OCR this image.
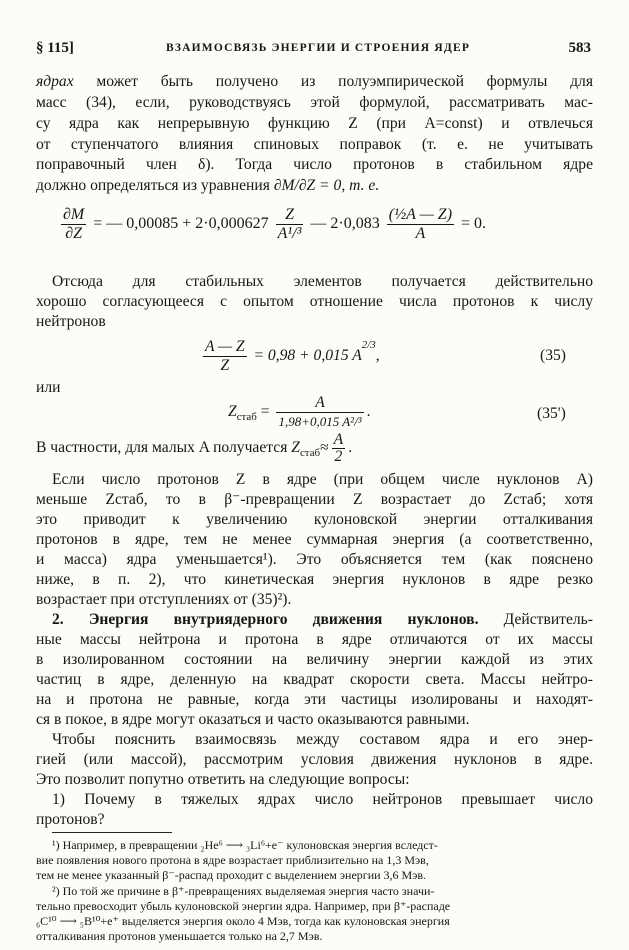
§ 115]	ВЗАИМОСВЯЗЬ ЭНЕРГИИ И СТРОЕНИЯ ЯДЕР	583
ядрах может быть получено из полуэмпирической формулы для
масс (34), если, руководствуясь этой формулой, рассматривать мас-
су ядра как непрерывную функцию Z (при A=const) и отвлечься
от ступенчатого влияния спиновых поправок (т. е. не учитывать
поправочный член δ). Тогда число протонов в стабильном ядре
должно определяться из уравнения ∂M/∂Z = 0, т. е.
$\frac{\partial M}{\partial Z}$ = — $0,00085 + 2\cdot 0,000627 \frac{Z}{\text{A¹/³}}$ — $2\cdot 0,083 \frac{\text{(½A — Z)}}{A} = 0$.
Отсюда для стабильных элементов получается действительно
хорошо согласующееся с опытом отношение числа протонов к числу
нейтронов
$\frac{A — Z}{Z} = 0,98 + 0,015$ $A^{2/3}$,	(35)
или
$Z_{стаб} = \frac{A}{\text{1,98+0,015 A²/³}}$ .	(35')
В частности, для малых A получается $Z_{стаб}\approx \frac{A}{2}$ .
Если число протонов Z в ядре (при общем числе нуклонов A)
меньше Zстаб, то в β⁻-превращении Z возрастает до Zстаб; хотя
это приводит к увеличению кулоновской энергии отталкивания
протонов в ядре, тем не менее суммарная энергия (а соответственно,
и масса) ядра уменьшается¹). Это объясняется тем (как пояснено
ниже, в п. 2), что кинетическая энергия нуклонов в ядре резко
возрастает при отступлениях от (35)²).
2. Энергия внутриядерного движения нуклонов. Действитель-
ные массы нейтрона и протона в ядре отличаются от их массы
в изолированном состоянии на величину энергии каждой из этих
частиц в ядре, деленную на квадрат скорости света. Массы нейтро-
на и протона не равные, когда эти частицы изолированы и находят-
ся в покое, в ядре могут оказаться и часто оказываются равными.
Чтобы пояснить взаимосвязь между составом ядра и его энер-
гией (или массой), рассмотрим условия движения нуклонов в ядре.
Это позволит попутно ответить на следующие вопросы:
1) Почему в тяжелых ядрах число нейтронов превышает число
протонов?
¹) Например, в превращении ₂He⁶ ⟶ ₃Li⁶+e⁻ кулоновская энергия вследст-
вие появления нового протона в ядре возрастает приблизительно на 1,3 Мэв,
тем не менее указанный β⁻-распад проходит с выделением энергии 3,6 Мэв.
²) По той же причине в β⁺-превращениях выделяемая энергия часто значи-
тельно превосходит убыль кулоновской энергии ядра. Например, при β⁺-распаде
₆C¹⁰ ⟶ ₅B¹⁰+e⁺ выделяется энергия около 4 Мэв, тогда как кулоновская энергия
отталкивания протонов уменьшается только на 2,7 Мэв.
